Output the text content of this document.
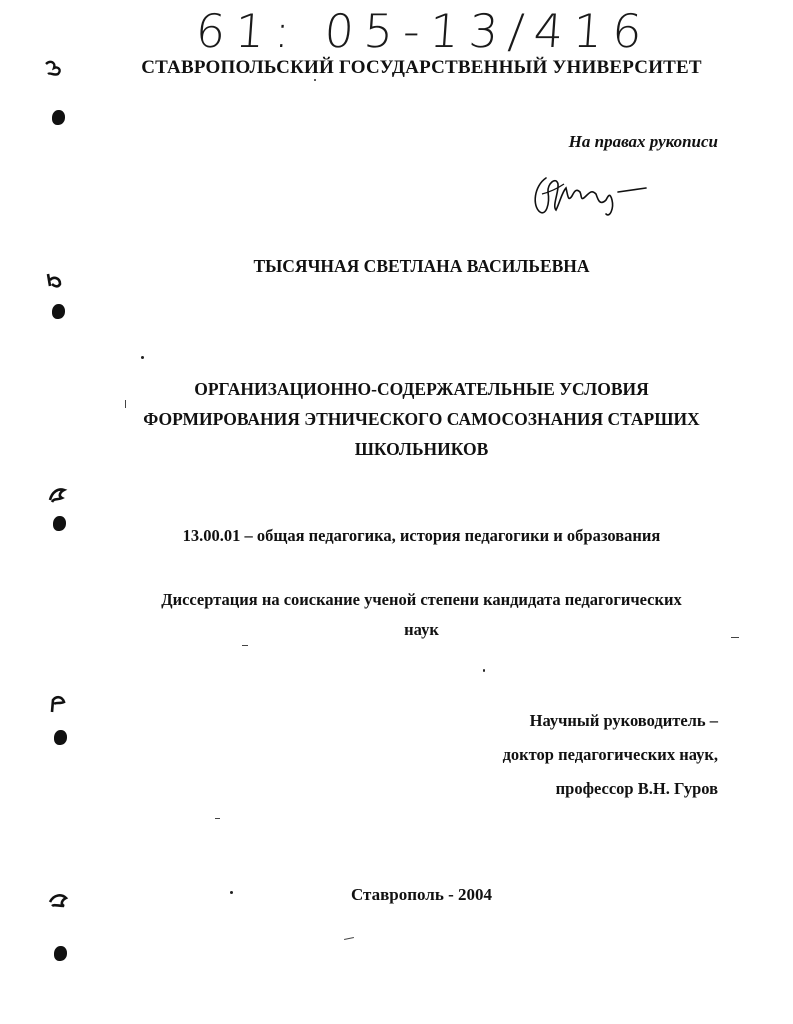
61: 05-13/416
СТАВРОПОЛЬСКИЙ ГОСУДАРСТВЕННЫЙ УНИВЕРСИТЕТ
На правах рукописи
ТЫСЯЧНАЯ СВЕТЛАНА ВАСИЛЬЕВНА
ОРГАНИЗАЦИОННО-СОДЕРЖАТЕЛЬНЫЕ УСЛОВИЯ
ФОРМИРОВАНИЯ ЭТНИЧЕСКОГО САМОСОЗНАНИЯ СТАРШИХ
ШКОЛЬНИКОВ
13.00.01 – общая педагогика, история педагогики и образования
Диссертация на соискание ученой степени кандидата педагогических
наук
Научный руководитель –
доктор педагогических наук,
профессор В.Н. Гуров
Ставрополь - 2004
